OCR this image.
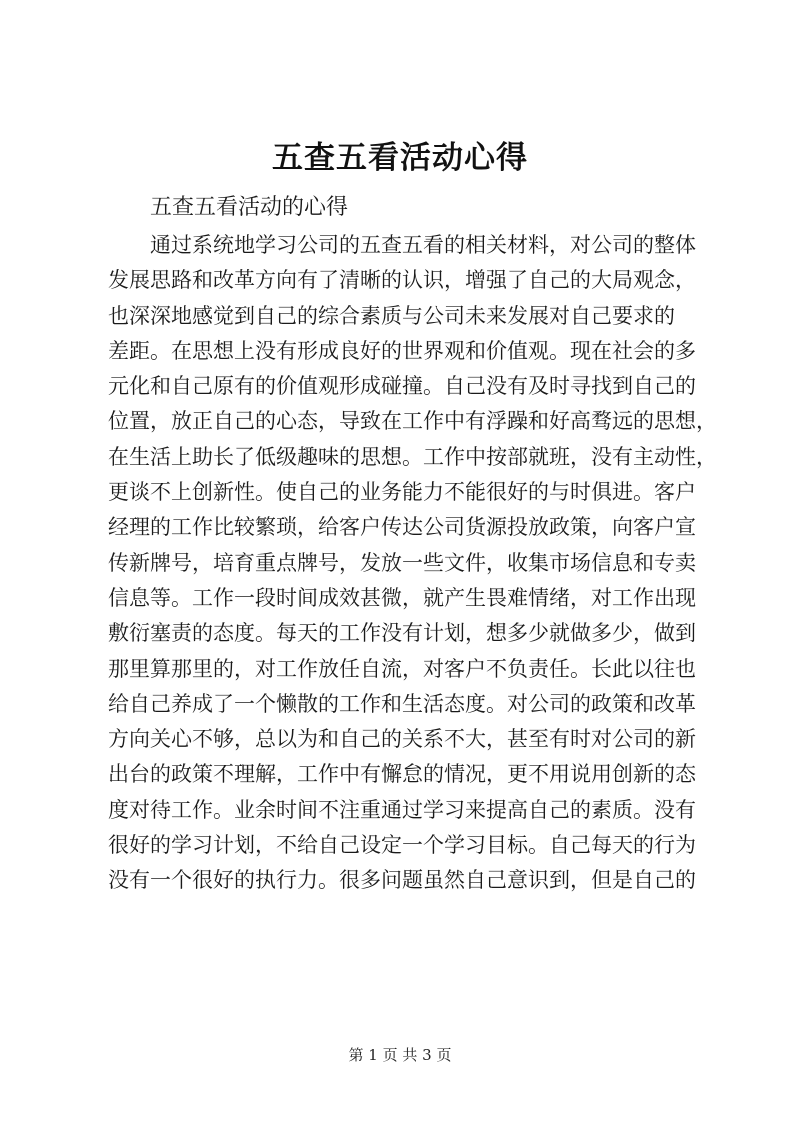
五查五看活动心得
五查五看活动的心得
通过系统地学习公司的五查五看的相关材料，对公司的整体
发展思路和改革方向有了清晰的认识，增强了自己的大局观念，
也深深地感觉到自己的综合素质与公司未来发展对自己要求的
差距。在思想上没有形成良好的世界观和价值观。现在社会的多
元化和自己原有的价值观形成碰撞。自己没有及时寻找到自己的
位置，放正自己的心态，导致在工作中有浮躁和好高骛远的思想，
在生活上助长了低级趣味的思想。工作中按部就班，没有主动性，
更谈不上创新性。使自己的业务能力不能很好的与时俱进。客户
经理的工作比较繁琐，给客户传达公司货源投放政策，向客户宣
传新牌号，培育重点牌号，发放一些文件，收集市场信息和专卖
信息等。工作一段时间成效甚微，就产生畏难情绪，对工作出现
敷衍塞责的态度。每天的工作没有计划，想多少就做多少，做到
那里算那里的，对工作放任自流，对客户不负责任。长此以往也
给自己养成了一个懒散的工作和生活态度。对公司的政策和改革
方向关心不够，总以为和自己的关系不大，甚至有时对公司的新
出台的政策不理解，工作中有懈怠的情况，更不用说用创新的态
度对待工作。业余时间不注重通过学习来提高自己的素质。没有
很好的学习计划，不给自己设定一个学习目标。自己每天的行为
没有一个很好的执行力。很多问题虽然自己意识到，但是自己的
第 1 页 共 3 页
